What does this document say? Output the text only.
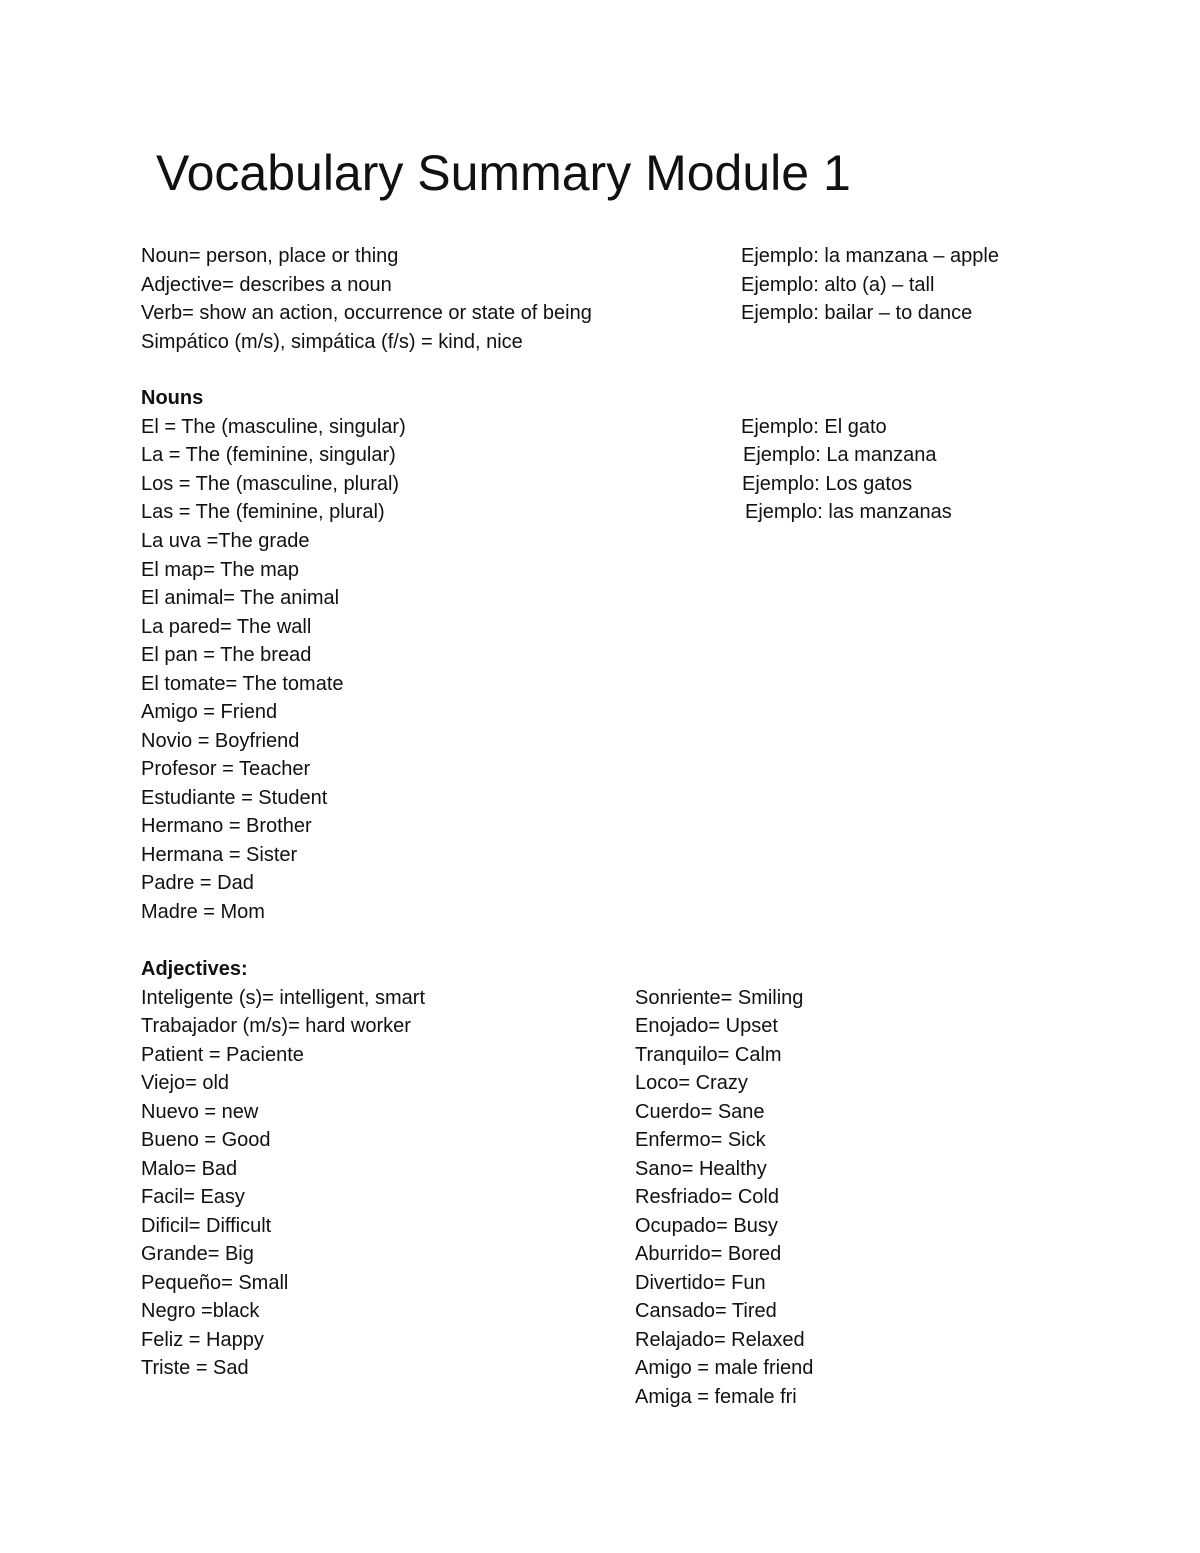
Vocabulary Summary Module 1
Noun= person, place or thing	Ejemplo: la manzana – apple
Adjective= describes a noun	Ejemplo: alto (a) – tall
Verb= show an action, occurrence or state of being	Ejemplo: bailar – to dance
Simpático (m/s), simpática (f/s) = kind, nice
Nouns
El = The (masculine, singular)	Ejemplo: El gato
La = The (feminine, singular)	Ejemplo: La manzana
Los = The (masculine, plural)	Ejemplo: Los gatos
Las = The (feminine, plural)	Ejemplo: las manzanas
La uva =The grade
El map= The map
El animal= The animal
La pared= The wall
El pan = The bread
El tomate= The tomate
Amigo = Friend
Novio = Boyfriend
Profesor = Teacher
Estudiante = Student
Hermano = Brother
Hermana = Sister
Padre = Dad
Madre = Mom
Adjectives:
Inteligente (s)= intelligent, smart
Trabajador (m/s)= hard worker
Patient = Paciente
Viejo= old
Nuevo = new
Bueno = Good
Malo= Bad
Facil= Easy
Dificil= Difficult
Grande= Big
Pequeño= Small
Negro =black
Feliz = Happy
Triste = Sad
Sonriente= Smiling
Enojado= Upset
Tranquilo= Calm
Loco= Crazy
Cuerdo= Sane
Enfermo= Sick
Sano= Healthy
Resfriado= Cold
Ocupado= Busy
Aburrido= Bored
Divertido= Fun
Cansado= Tired
Relajado= Relaxed
Amigo = male friend
Amiga = female fri
